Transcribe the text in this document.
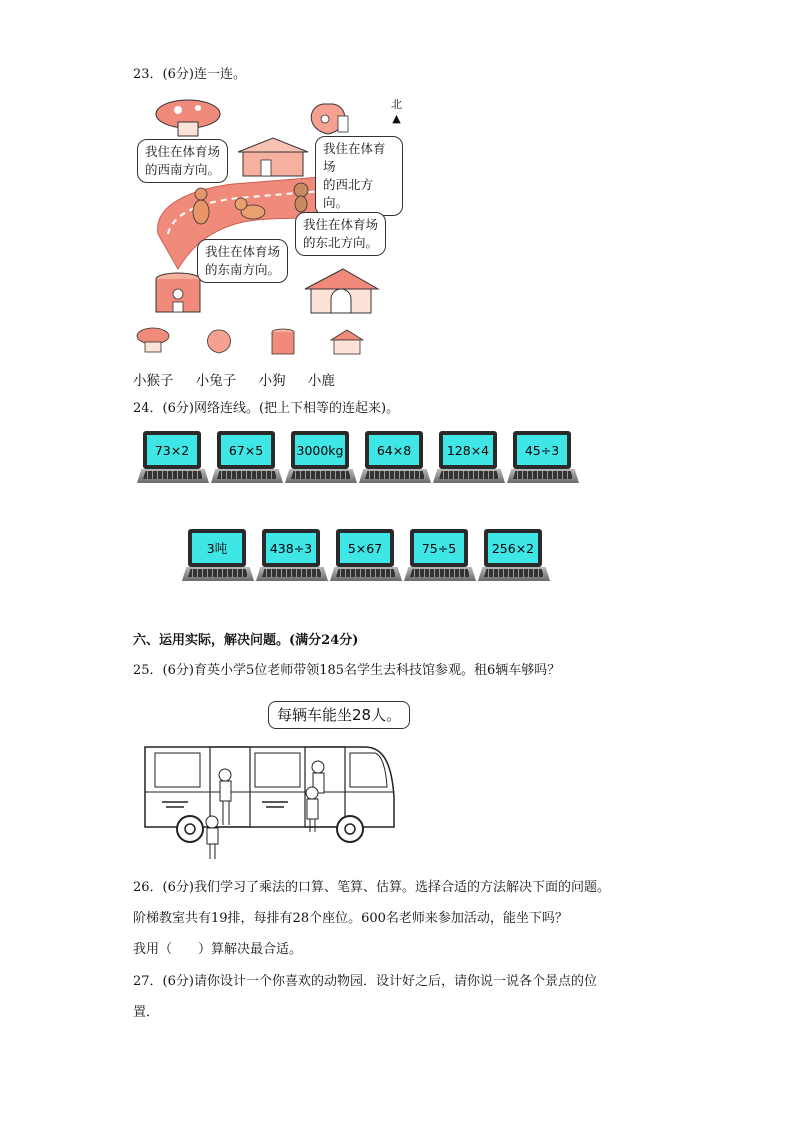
23．(6分)连一连。
北
▲
我住在体育场
的西南方向。
我住在体育场
的西北方向。
我住在体育场
的东北方向。
我住在体育场
的东南方向。
小猴子 小兔子 小狗 小鹿
24．(6分)网络连线。(把上下相等的连起来)。
73×2	67×5	3000kg	64×8	128×4	45÷3
3吨	438÷3	5×67	75÷5	256×2
六、运用实际，解决问题。(满分24分)
25．(6分)育英小学5位老师带领185名学生去科技馆参观。租6辆车够吗？
每辆车能坐28人。
26．(6分)我们学习了乘法的口算、笔算、估算。选择合适的方法解决下面的问题。
阶梯教室共有19排，每排有28个座位。600名老师来参加活动，能坐下吗？
我用（　　）算解决最合适。
27．(6分)请你设计一个你喜欢的动物园．设计好之后，请你说一说各个景点的位
置．
